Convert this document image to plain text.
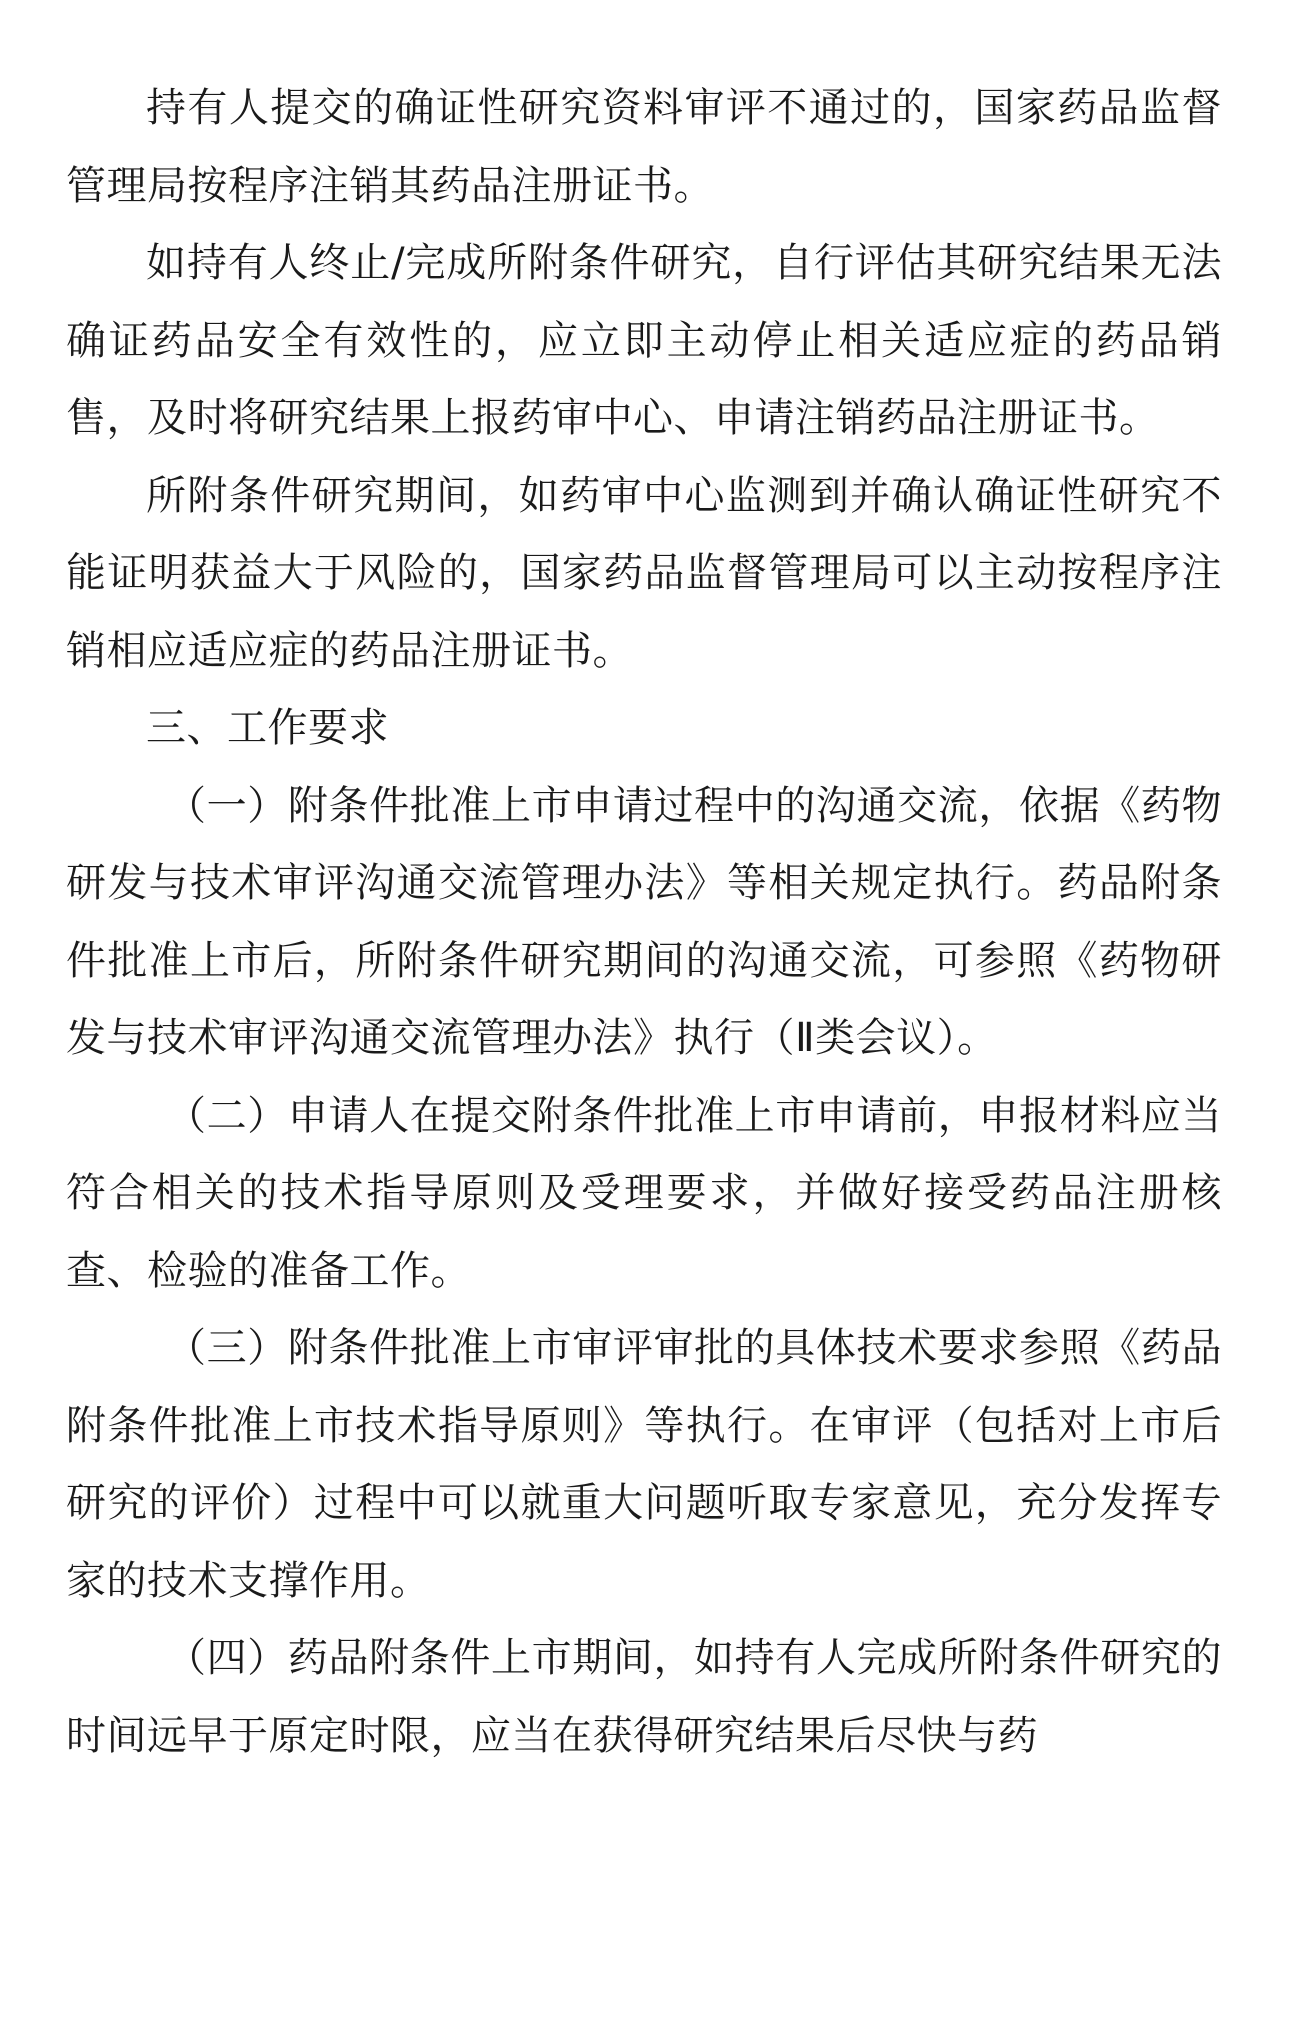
持有人提交的确证性研究资料审评不通过的，国家药品监督管理局按程序注销其药品注册证书。

如持有人终止/完成所附条件研究，自行评估其研究结果无法确证药品安全有效性的，应立即主动停止相关适应症的药品销售，及时将研究结果上报药审中心、申请注销药品注册证书。

所附条件研究期间，如药审中心监测到并确认确证性研究不能证明获益大于风险的，国家药品监督管理局可以主动按程序注销相应适应症的药品注册证书。

三、工作要求

（一）附条件批准上市申请过程中的沟通交流，依据《药物研发与技术审评沟通交流管理办法》等相关规定执行。药品附条件批准上市后，所附条件研究期间的沟通交流，可参照《药物研发与技术审评沟通交流管理办法》执行（Ⅱ类会议）。

（二）申请人在提交附条件批准上市申请前，申报材料应当符合相关的技术指导原则及受理要求，并做好接受药品注册核查、检验的准备工作。

（三）附条件批准上市审评审批的具体技术要求参照《药品附条件批准上市技术指导原则》等执行。在审评（包括对上市后研究的评价）过程中可以就重大问题听取专家意见，充分发挥专家的技术支撑作用。

（四）药品附条件上市期间，如持有人完成所附条件研究的时间远早于原定时限，应当在获得研究结果后尽快与药
